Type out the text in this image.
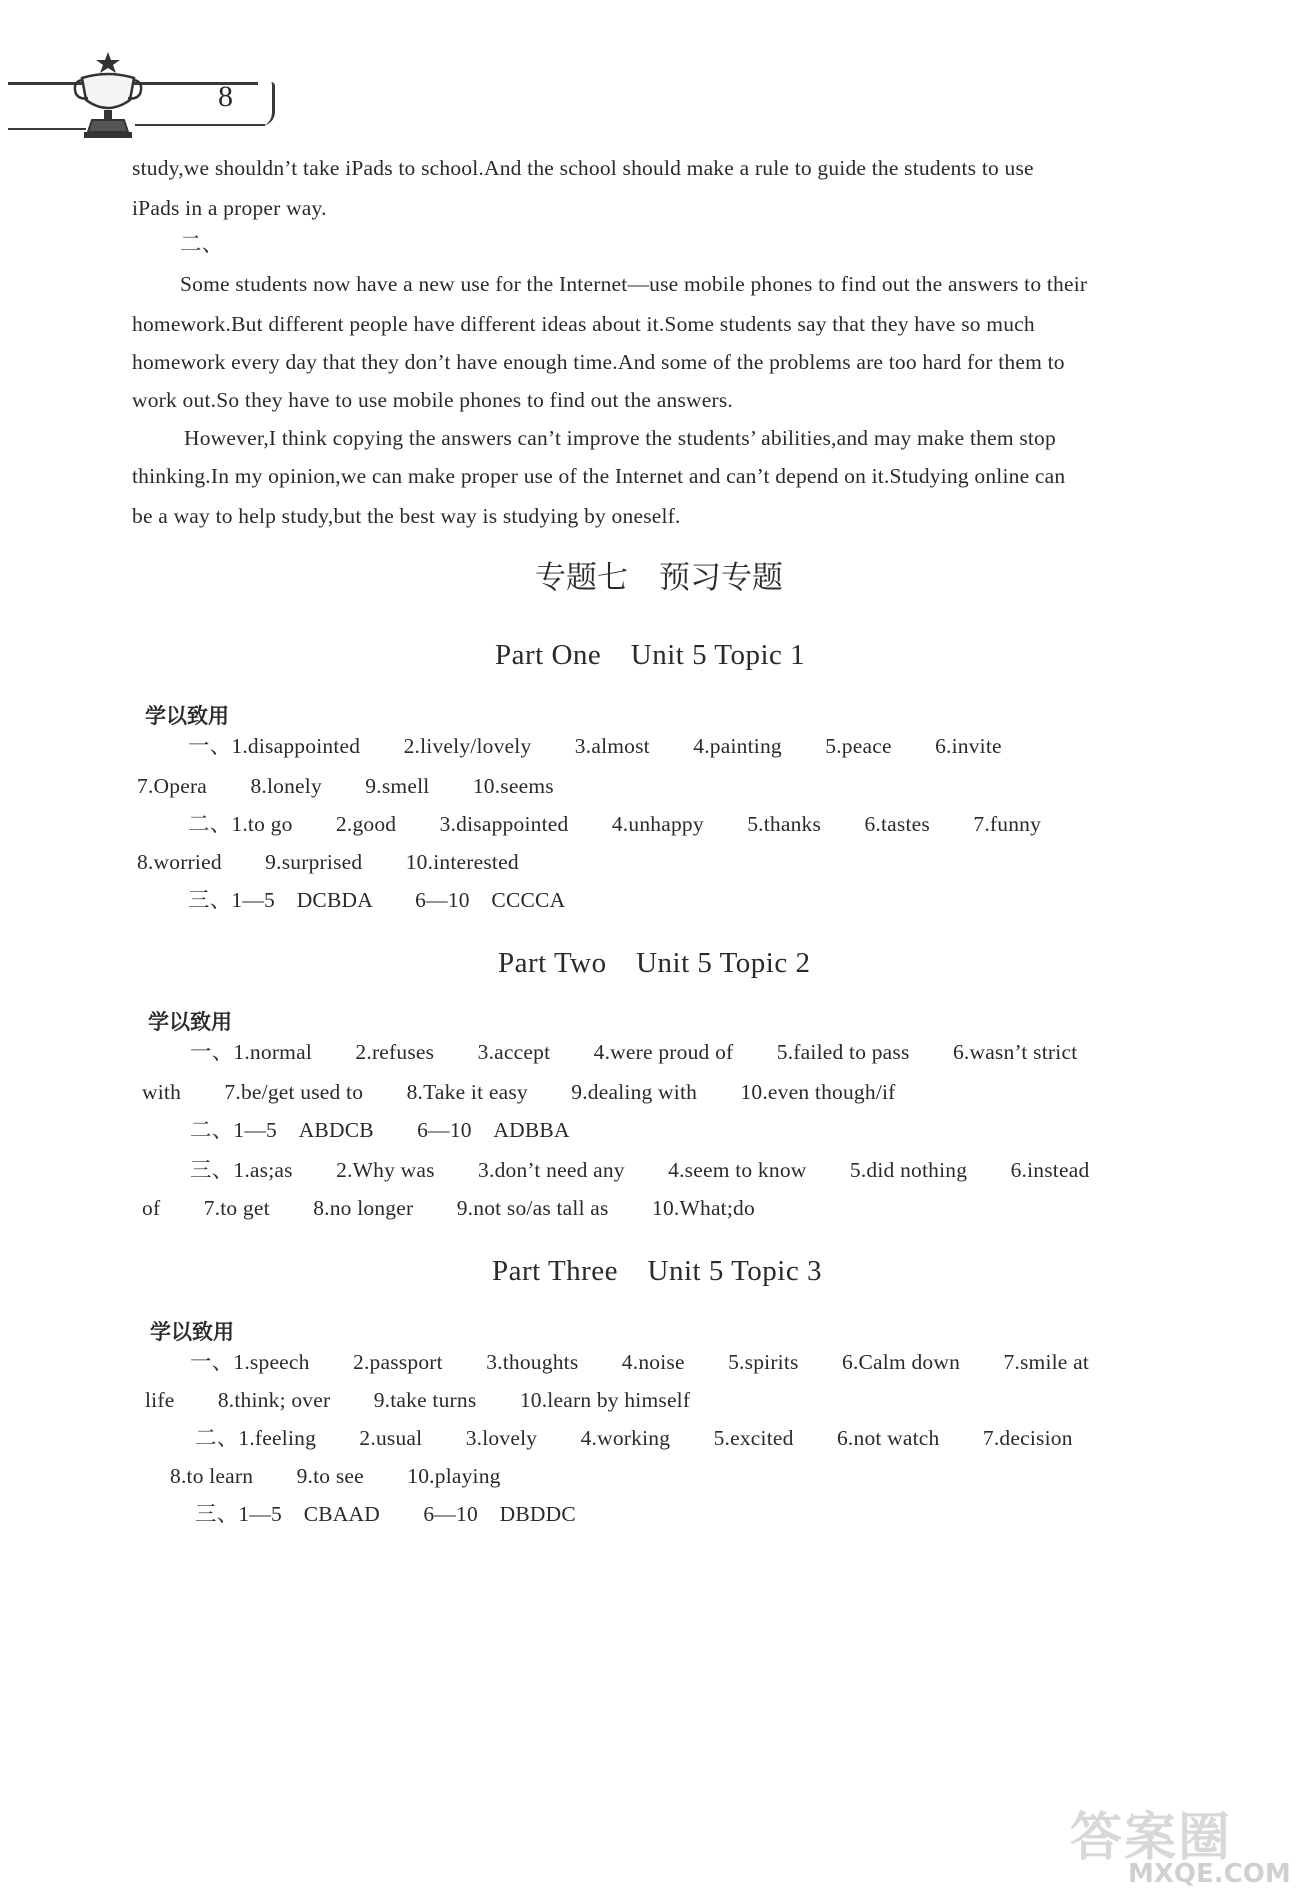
8
study,we shouldn’t take iPads to school.And the school should make a rule to guide the students to use
iPads in a proper way.
二、
Some students now have a new use for the Internet—use mobile phones to find out the answers to their
homework.But different people have different ideas about it.Some students say that they have so much
homework every day that they don’t have enough time.And some of the problems are too hard for them to
work out.So they have to use mobile phones to find out the answers.
However,I think copying the answers can’t improve the students’ abilities,and may make them stop
thinking.In my opinion,we can make proper use of the Internet and can’t depend on it.Studying online can
be a way to help study,but the best way is studying by oneself.
专题七　预习专题
Part One　Unit 5 Topic 1
学以致用
一、1.disappointed　　2.lively/lovely　　3.almost　　4.painting　　5.peace　　6.invite
7.Opera　　8.lonely　　9.smell　　10.seems
二、1.to go　　2.good　　3.disappointed　　4.unhappy　　5.thanks　　6.tastes　　7.funny
8.worried　　9.surprised　　10.interested
三、1—5　DCBDA　　6—10　CCCCA
Part Two　Unit 5 Topic 2
学以致用
一、1.normal　　2.refuses　　3.accept　　4.were proud of　　5.failed to pass　　6.wasn’t strict
with　　7.be/get used to　　8.Take it easy　　9.dealing with　　10.even though/if
二、1—5　ABDCB　　6—10　ADBBA
三、1.as;as　　2.Why was　　3.don’t need any　　4.seem to know　　5.did nothing　　6.instead
of　　7.to get　　8.no longer　　9.not so/as tall as　　10.What;do
Part Three　Unit 5 Topic 3
学以致用
一、1.speech　　2.passport　　3.thoughts　　4.noise　　5.spirits　　6.Calm down　　7.smile at
life　　8.think; over　　9.take turns　　10.learn by himself
二、1.feeling　　2.usual　　3.lovely　　4.working　　5.excited　　6.not watch　　7.decision
8.to learn　　9.to see　　10.playing
三、1—5　CBAAD　　6—10　DBDDC
答案圈
MXQE.COM
